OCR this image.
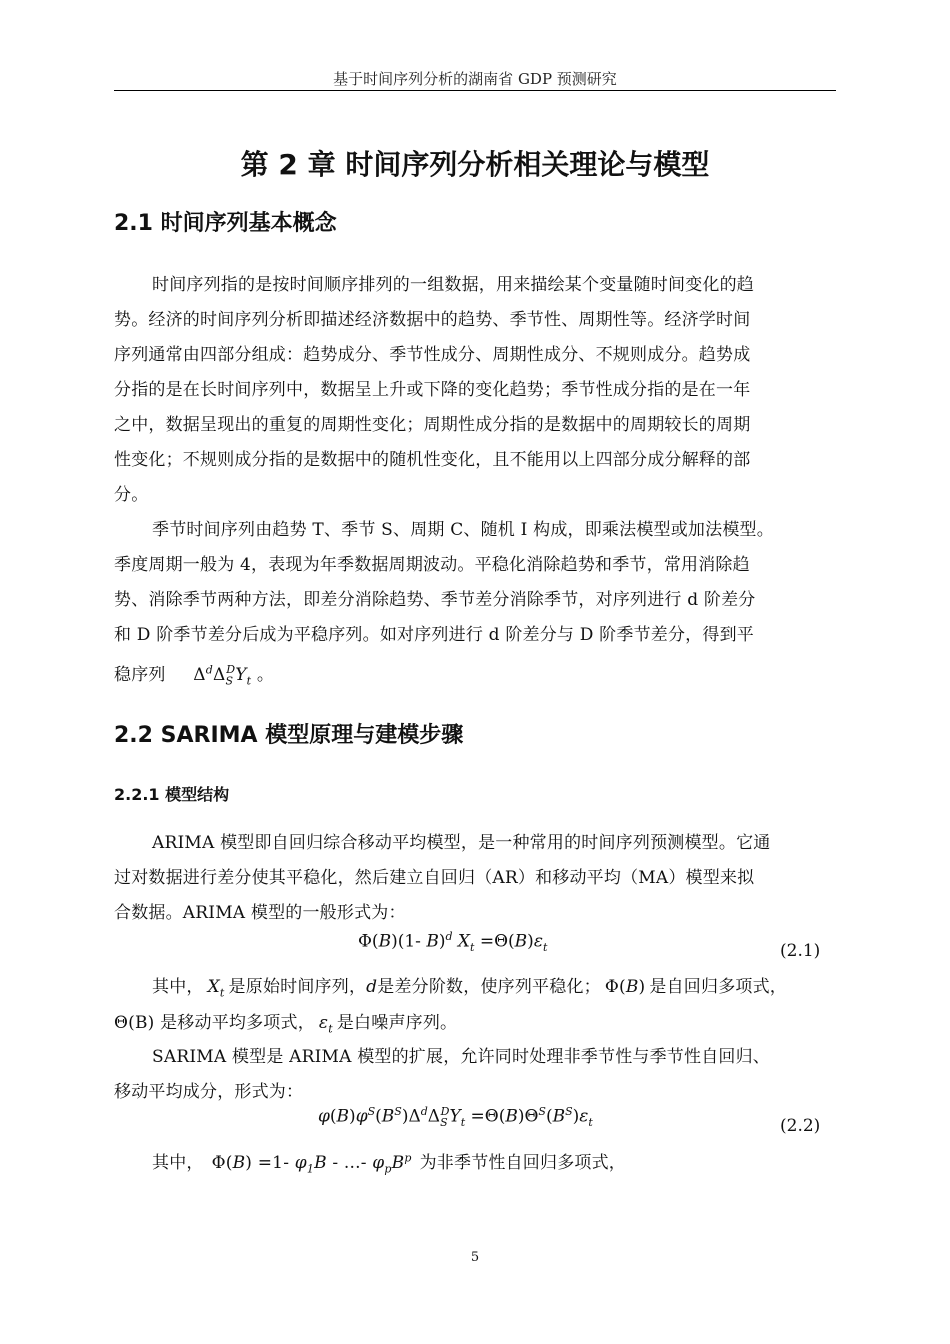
基于时间序列分析的湖南省 GDP 预测研究
第 2 章 时间序列分析相关理论与模型
2.1 时间序列基本概念
时间序列指的是按时间顺序排列的一组数据，用来描绘某个变量随时间变化的趋
势。经济的时间序列分析即描述经济数据中的趋势、季节性、周期性等。经济学时间
序列通常由四部分组成：趋势成分、季节性成分、周期性成分、不规则成分。趋势成
分指的是在长时间序列中，数据呈上升或下降的变化趋势；季节性成分指的是在一年
之中，数据呈现出的重复的周期性变化；周期性成分指的是数据中的周期较长的周期
性变化；不规则成分指的是数据中的随机性变化，且不能用以上四部分成分解释的部
分。
季节时间序列由趋势 T、季节 S、周期 C、随机 I 构成，即乘法模型或加法模型。
季度周期一般为 4，表现为年季数据周期波动。平稳化消除趋势和季节，常用消除趋
势、消除季节两种方法，即差分消除趋势、季节差分消除季节，对序列进行 d 阶差分
和 D 阶季节差分后成为平稳序列。如对序列进行 d 阶差分与 D 阶季节差分，得到平
稳序列 $\Delta^d\Delta_S^DY_t$ 。
2.2 SARIMA 模型原理与建模步骤
2.2.1 模型结构
ARIMA 模型即自回归综合移动平均模型，是一种常用的时间序列预测模型。它通
过对数据进行差分使其平稳化，然后建立自回归（AR）和移动平均（MA）模型来拟
合数据。ARIMA 模型的一般形式为：
Φ(B)(1- B)$^d$ $X_t =\Theta(B)\varepsilon_t$	(2.1)
其中， $X_t$ 是原始时间序列，d是差分阶数，使序列平稳化； Φ(B) 是自回归多项式，
Θ(B) 是移动平均多项式， $\varepsilon_t$ 是白噪声序列。
SARIMA 模型是 ARIMA 模型的扩展，允许同时处理非季节性与季节性自回归、
移动平均成分，形式为：
$\varphi(B)\varphi^S(B^S)\Delta^d\Delta_S^DY_t =\Theta(B)\Theta^S(B^S)\varepsilon_t$	(2.2)
其中， Φ(B) =1- $\varphi_1B$ - ...- $\varphi_pB^p$ 为非季节性自回归多项式，
5
